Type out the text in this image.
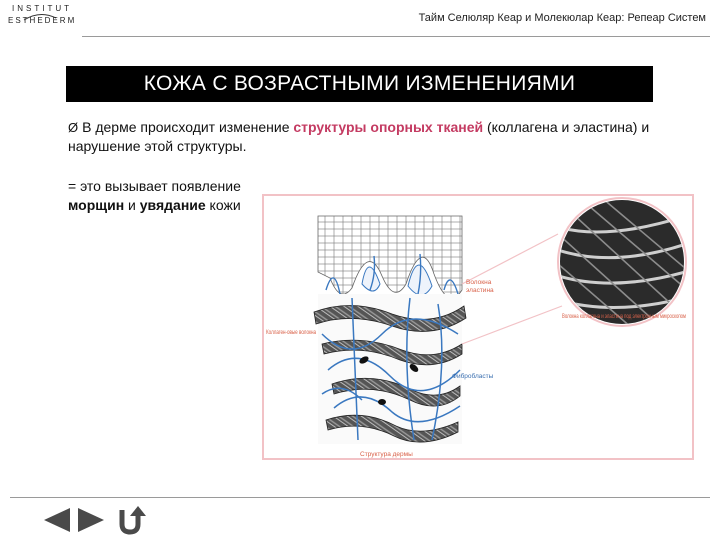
INSTITUT
ESTHEDERM	Тайм Селюляр Кеар и Молекюлар Кеар: Репеар Систем
КОЖА С ВОЗРАСТНЫМИ ИЗМЕНЕНИЯМИ
Ø В дерме происходит изменение структуры опорных тканей (коллагена и эластина) и нарушение этой структуры.
= это вызывает появление морщин и увядание кожи
Волокна эластина
Волокна коллагена и эластина под электронным микроскопом
Коллаген-овые волокна
Фибробласты
Структура дермы
